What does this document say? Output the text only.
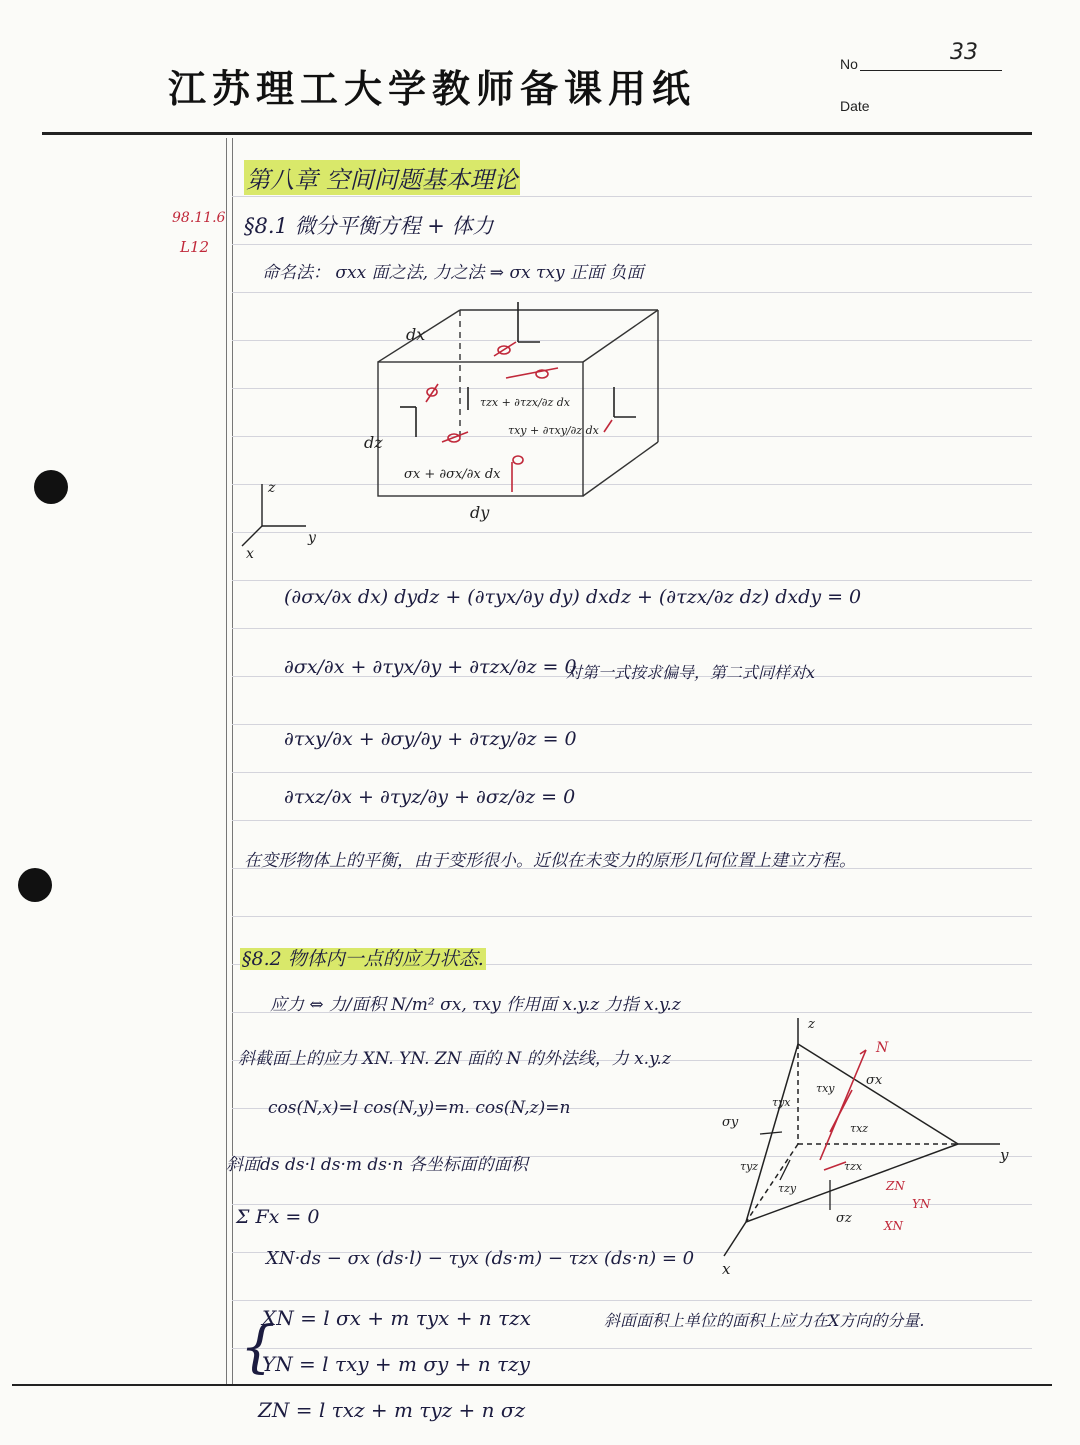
江苏理工大学教师备课用纸
No	33
Date
98.11.6
L12
第八章 空间问题基本理论
§8.1 微分平衡方程 + 体力
命名法： σxx 面之法, 力之法 ⇒ σx τxy 正面 负面
dx
dz
dy
τzx + ∂τzx/∂z dx
τxy + ∂τxy/∂z dx
σx + ∂σx/∂x dx
z
y
x
(∂σx/∂x dx) dydz + (∂τyx/∂y dy) dxdz + (∂τzx/∂z dz) dxdy = 0
∂σx/∂x + ∂τyx/∂y + ∂τzx/∂z = 0
对第一式按求偏导，第二式同样对x
∂τxy/∂x + ∂σy/∂y + ∂τzy/∂z = 0
∂τxz/∂x + ∂τyz/∂y + ∂σz/∂z = 0
在变形物体上的平衡，由于变形很小。近似在未变力的原形几何位置上建立方程。
§8.2 物体内一点的应力状态.
应力 ⇔ 力/面积 N/m² σx, τxy 作用面 x.y.z 力指 x.y.z
斜截面上的应力 XN. YN. ZN 面的 N 的外法线，力 x.y.z
cos(N,x)=l cos(N,y)=m. cos(N,z)=n
斜面ds ds·l ds·m ds·n 各坐标面的面积
Σ Fx = 0
XN·ds − σx (ds·l) − τyx (ds·m) − τzx (ds·n) = 0
XN = l σx + m τyx + n τzx	斜面面积上单位的面积上应力在X方向的分量.
{
YN = l τxy + m σy + n τzy
ZN = l τxz + m τyz + n σz
z
y
x
N
σx
σy
σz
τyx
τxy
τyz
τzy
τxz
τzx
ZN
YN
XN
